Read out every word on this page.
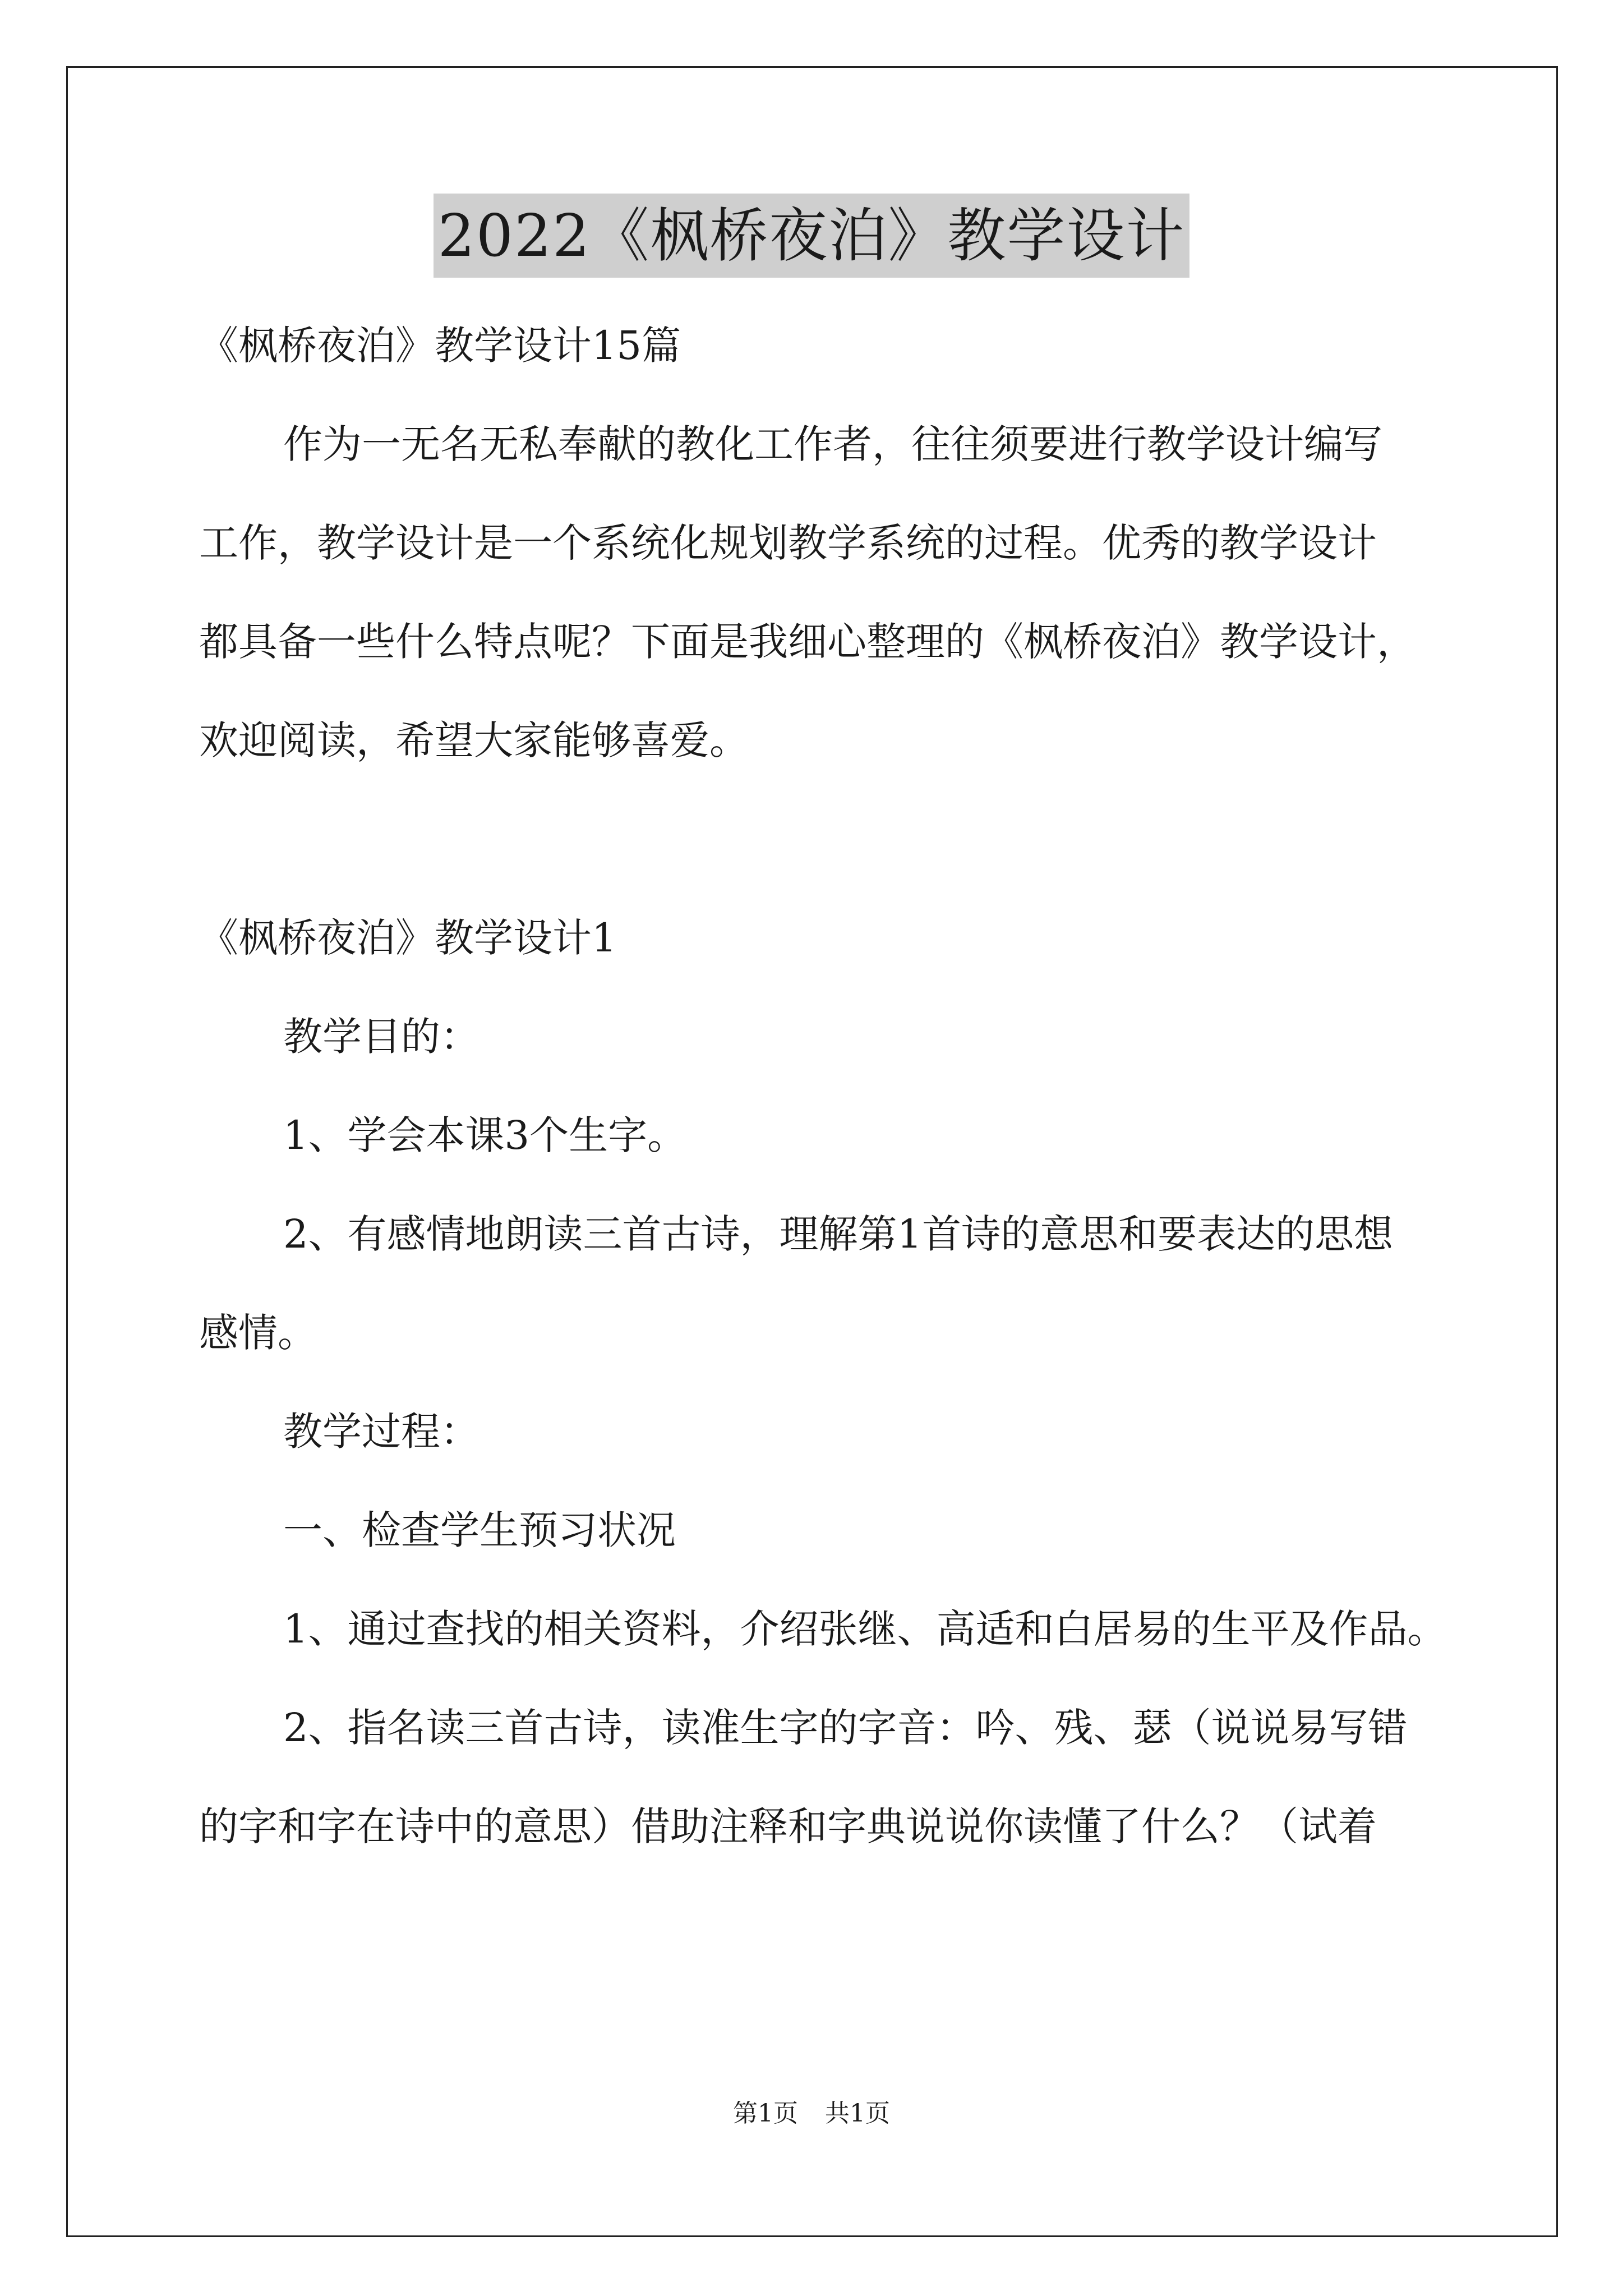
2022《枫桥夜泊》教学设计
《枫桥夜泊》教学设计15篇
作为一无名无私奉献的教化工作者，往往须要进行教学设计编写
工作，教学设计是一个系统化规划教学系统的过程。优秀的教学设计
都具备一些什么特点呢？下面是我细心整理的《枫桥夜泊》教学设计，
欢迎阅读，希望大家能够喜爱。
《枫桥夜泊》教学设计1
教学目的：
1、学会本课3个生字。
2、有感情地朗读三首古诗，理解第1首诗的意思和要表达的思想
感情。
教学过程：
一、检查学生预习状况
1、通过查找的相关资料，介绍张继、高适和白居易的生平及作品。
2、指名读三首古诗，读准生字的字音：吟、残、瑟（说说易写错
的字和字在诗中的意思）借助注释和字典说说你读懂了什么？（试着
第1页 共1页
